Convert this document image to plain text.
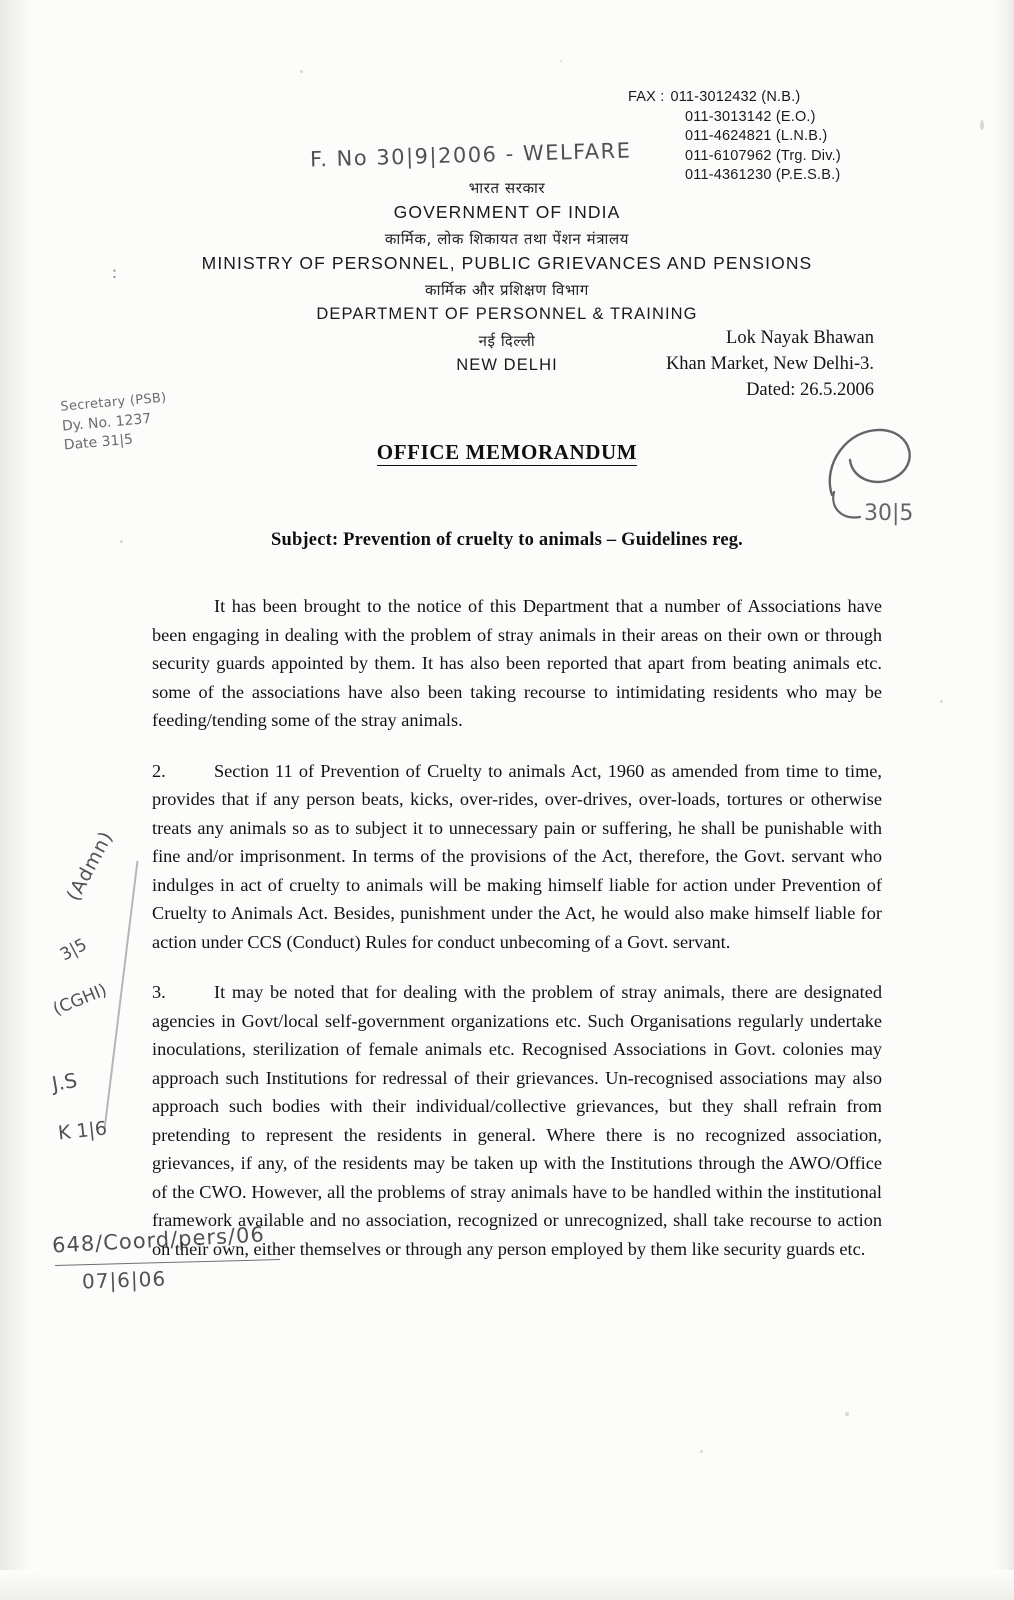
FAX : 011-3012432 (N.B.)
011-3013142 (E.O.)
011-4624821 (L.N.B.)
011-6107962 (Trg. Div.)
011-4361230 (P.E.S.B.)
F. No 30|9|2006 - WELFARE
:
भारत सरकार
GOVERNMENT OF INDIA
कार्मिक, लोक शिकायत तथा पेंशन मंत्रालय
MINISTRY OF PERSONNEL, PUBLIC GRIEVANCES AND PENSIONS
कार्मिक और प्रशिक्षण विभाग
DEPARTMENT OF PERSONNEL & TRAINING
नई दिल्ली
NEW DELHI
Lok Nayak Bhawan
Khan Market, New Delhi-3.
Dated: 26.5.2006
Secretary (PSB)
Dy. No. 1237
Date 31|5	OFFICE MEMORANDUM
30|5
Subject: Prevention of cruelty to animals – Guidelines reg.

It has been brought to the notice of this Department that a number of Associations have been engaging in dealing with the problem of stray animals in their areas on their own or through security guards appointed by them. It has also been reported that apart from beating animals etc. some of the associations have also been taking recourse to intimidating residents who may be feeding/tending some of the stray animals.

2.	Section 11 of Prevention of Cruelty to animals Act, 1960 as amended from time to time, provides that if any person beats, kicks, over-rides, over-drives, over-loads, tortures or otherwise treats any animals so as to subject it to unnecessary pain or suffering, he shall be punishable with fine and/or imprisonment. In terms of the provisions of the Act, therefore, the Govt. servant who indulges in act of cruelty to animals will be making himself liable for action under Prevention of Cruelty to Animals Act. Besides, punishment under the Act, he would also make himself liable for action under CCS (Conduct) Rules for conduct unbecoming of a Govt. servant.

3.	It may be noted that for dealing with the problem of stray animals, there are designated agencies in Govt/local self-government organizations etc. Such Organisations regularly undertake inoculations, sterilization of female animals etc. Recognised Associations in Govt. colonies may approach such Institutions for redressal of their grievances. Un-recognised associations may also approach such bodies with their individual/collective grievances, but they shall refrain from pretending to represent the residents in general. Where there is no recognized association, grievances, if any, of the residents may be taken up with the Institutions through the AWO/Office of the CWO. However, all the problems of stray animals have to be handled within the institutional framework available and no association, recognized or unrecognized, shall take recourse to action on their own, either themselves or through any person employed by them like security guards etc.

(Admn)
3|5
(CGHI)
J.S
K 1|6
648/Coord/pers/06
07|6|06
